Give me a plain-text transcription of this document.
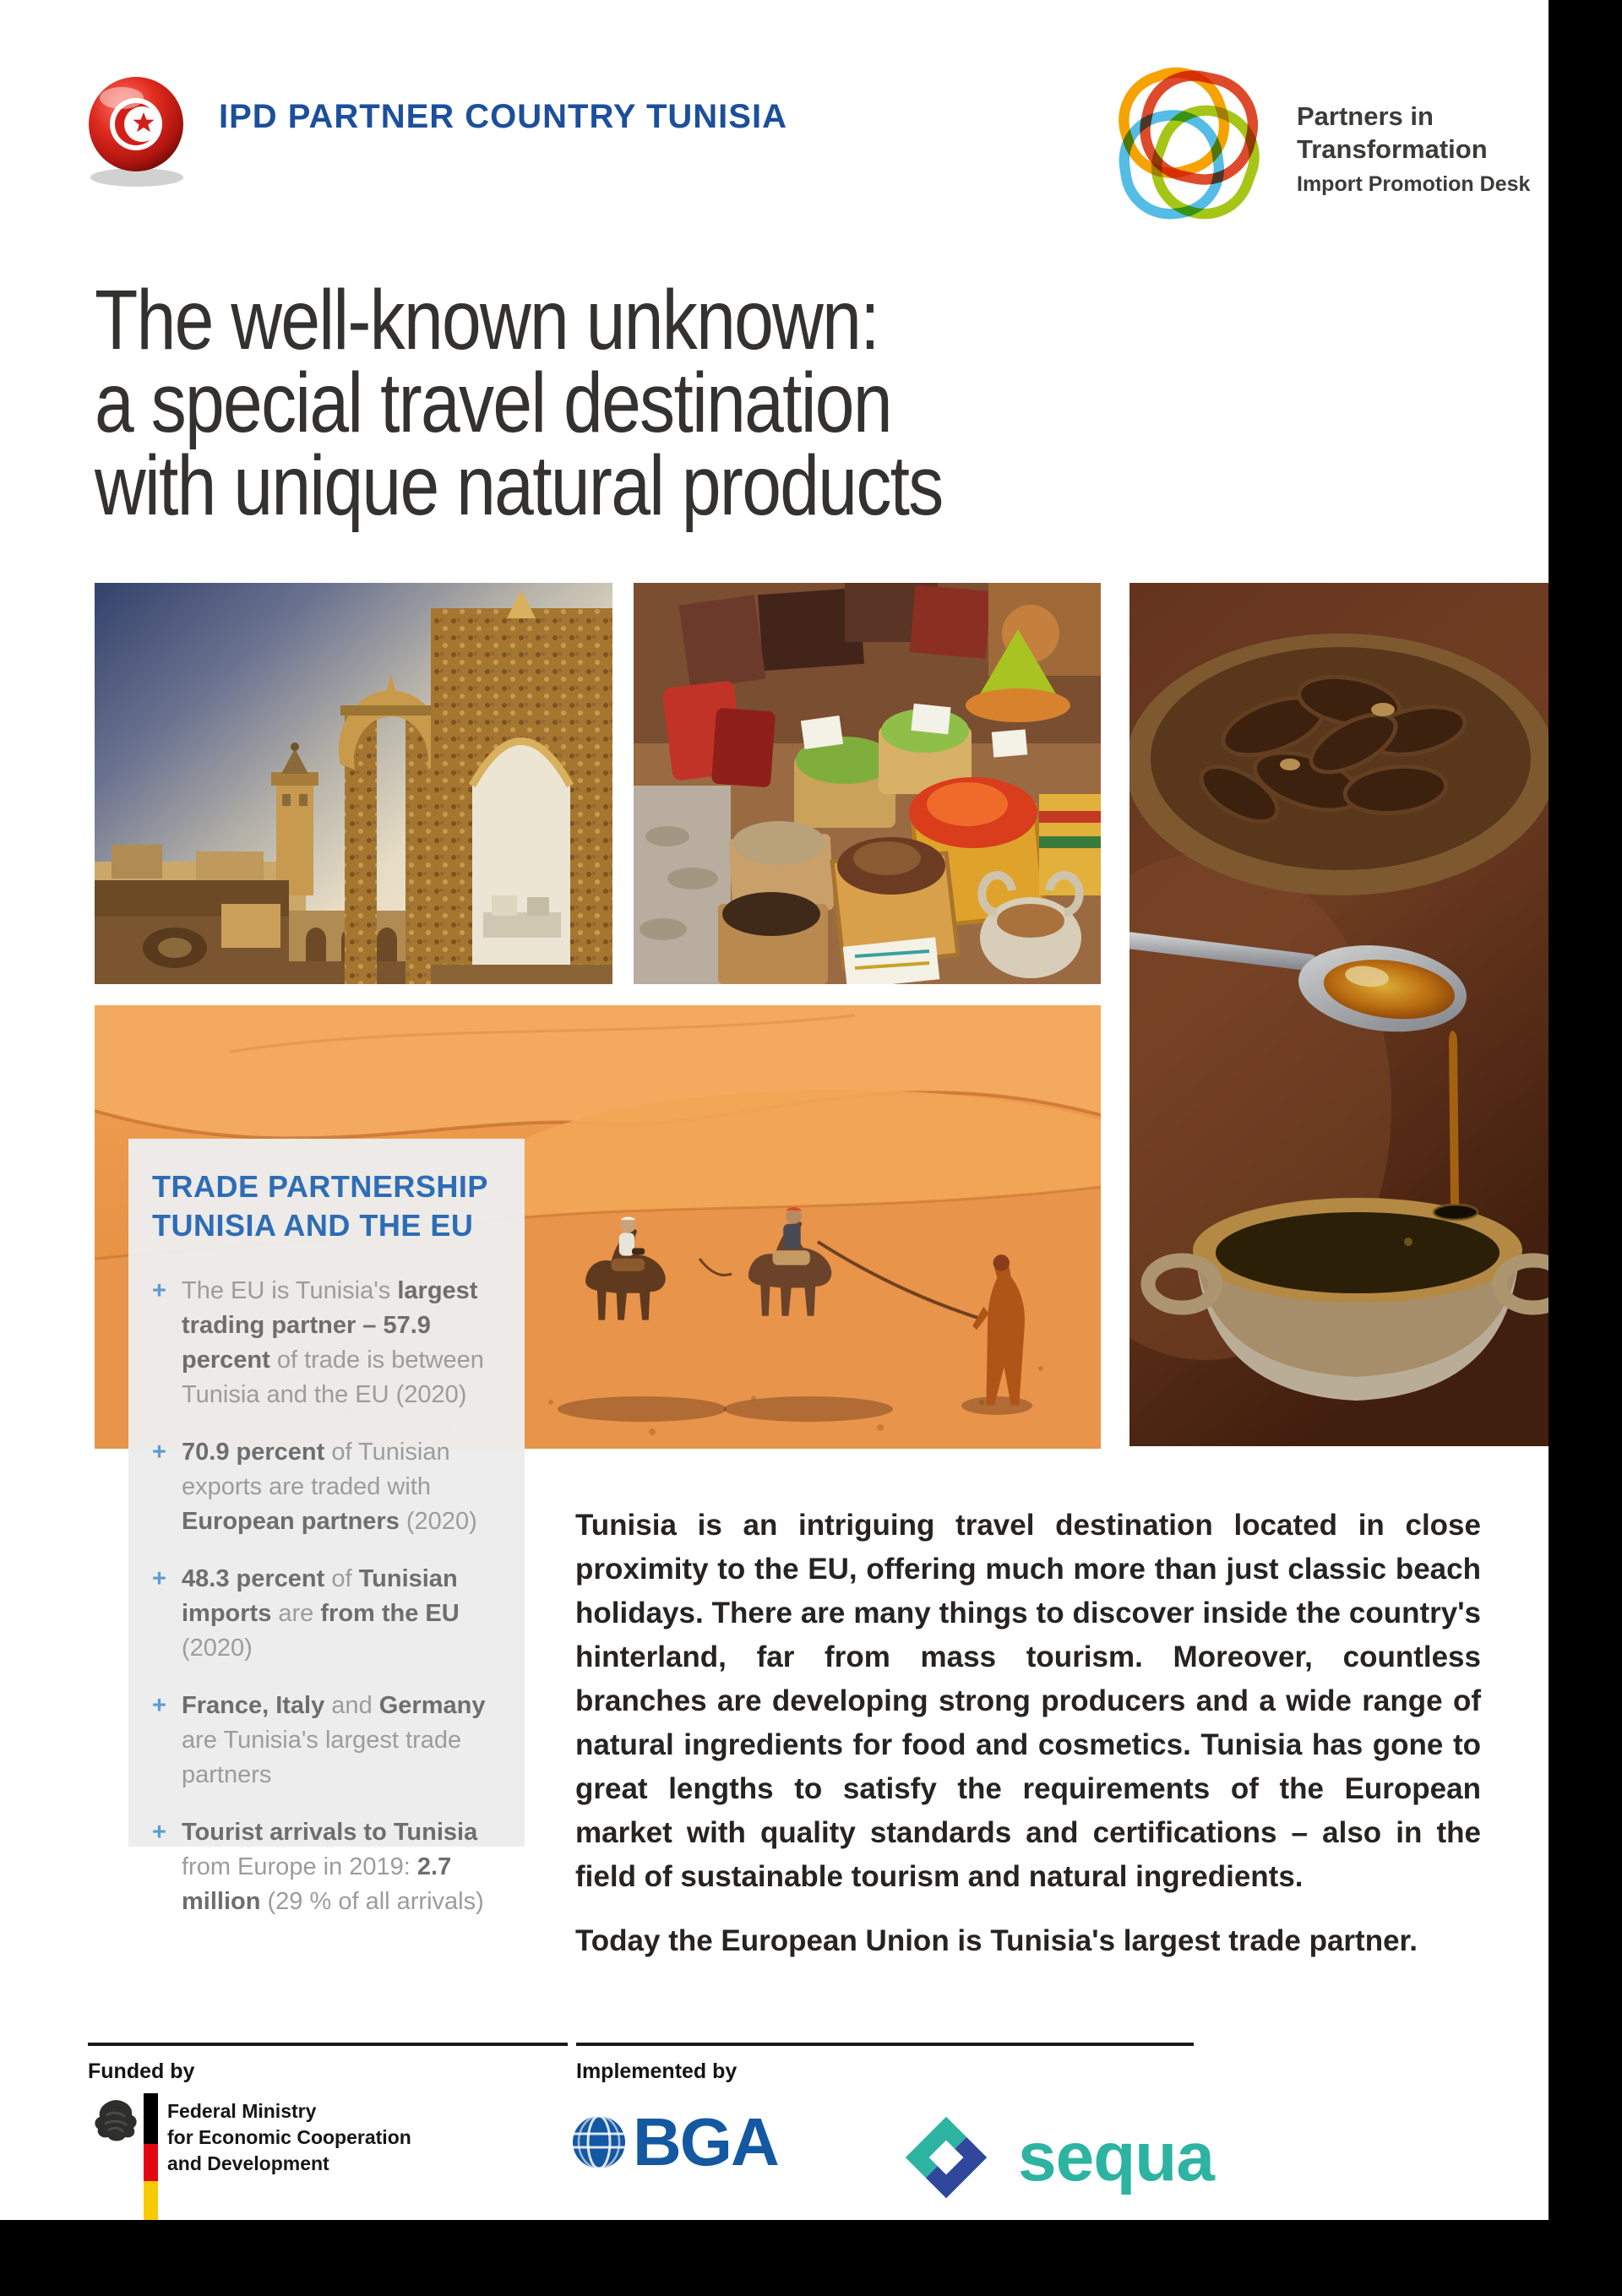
IPD PARTNER COUNTRY TUNISIA	Partners in
Transformation
Import Promotion Desk
The well-known unknown:
a special travel destination
with unique natural products
TRADE PARTNERSHIP
TUNISIA AND THE EU
+ The EU is Tunisia's largest trading partner – 57.9 percent of trade is between Tunisia and the EU (2020)
+ 70.9 percent of Tunisian exports are traded with European partners (2020)
+ 48.3 percent of Tunisian imports are from the EU (2020)
+ France, Italy and Germany are Tunisia's largest trade partners
+ Tourist arrivals to Tunisia from Europe in 2019: 2.7 million (29 % of all arrivals)

Tunisia is an intriguing travel destination located in close proximity to the EU, offering much more than just classic beach holidays. There are many things to discover inside the country's hinterland, far from mass tourism. Moreover, countless branches are developing strong producers and a wide range of natural ingredients for food and cosmetics. Tunisia has gone to great lengths to satisfy the requirements of the European market with quality standards and certifications – also in the field of sustainable tourism and natural ingredients.

Today the European Union is Tunisia's largest trade partner.

Funded by	Implemented by
Federal Ministry
for Economic Cooperation
and Development	BGA	sequa
